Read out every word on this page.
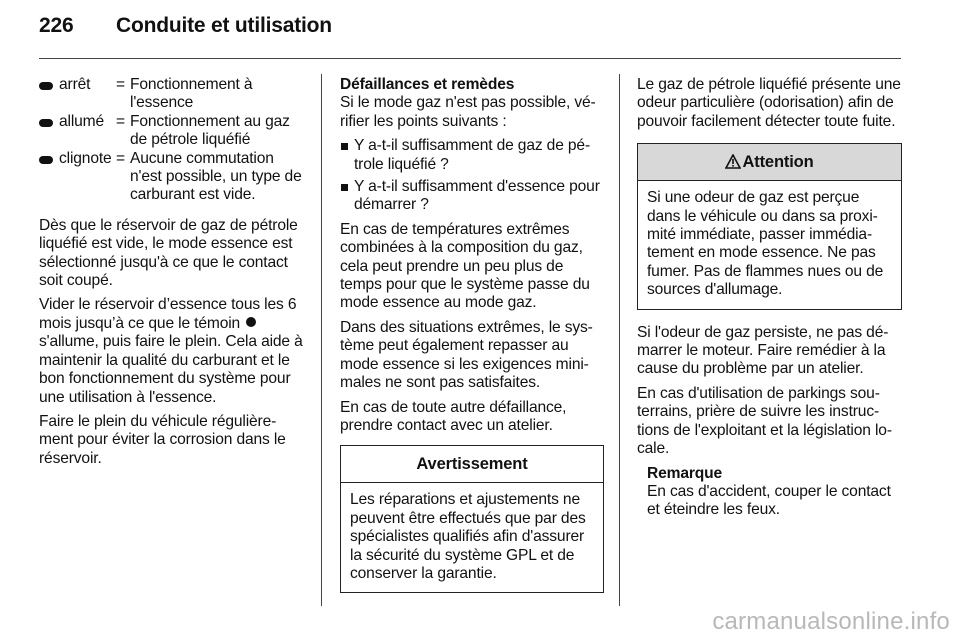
226 Conduite et utilisation
arrêt = Fonctionnement à l'essence
allumé = Fonctionnement au gaz de pétrole liquéfié
clignote = Aucune commutation n'est possible, un type de carburant est vide.

Dès que le réservoir de gaz de pétrole liquéfié est vide, le mode essence est sélectionné jusqu'à ce que le contact soit coupé.

Vider le réservoir d’essence tous les 6 mois jusqu’à ce que le témoin  s'allume, puis faire le plein. Cela aide à maintenir la qualité du carburant et le bon fonctionnement du système pour une utilisation à l'essence.

Faire le plein du véhicule régulièrement pour éviter la corrosion dans le réservoir.

Défaillances et remèdes

Si le mode gaz n'est pas possible, vérifier les points suivants :

Y a-t-il suffisamment de gaz de pétrole liquéfié ?
Y a-t-il suffisamment d'essence pour démarrer ?

En cas de températures extrêmes combinées à la composition du gaz, cela peut prendre un peu plus de temps pour que le système passe du mode essence au mode gaz.

Dans des situations extrêmes, le système peut également repasser au mode essence si les exigences minimales ne sont pas satisfaites.

En cas de toute autre défaillance, prendre contact avec un atelier.

Avertissement
Les réparations et ajustements ne peuvent être effectués que par des spécialistes qualifiés afin d'assurer la sécurité du système GPL et de conserver la garantie.

Le gaz de pétrole liquéfié présente une odeur particulière (odorisation) afin de pouvoir facilement détecter toute fuite.

Attention
Si une odeur de gaz est perçue dans le véhicule ou dans sa proximité immédiate, passer immédiatement en mode essence. Ne pas fumer. Pas de flammes nues ou de sources d'allumage.

Si l'odeur de gaz persiste, ne pas démarrer le moteur. Faire remédier à la cause du problème par un atelier.

En cas d'utilisation de parkings souterrains, prière de suivre les instructions de l'exploitant et la législation locale.

Remarque
En cas d'accident, couper le contact et éteindre les feux.
carmanualsonline.info
